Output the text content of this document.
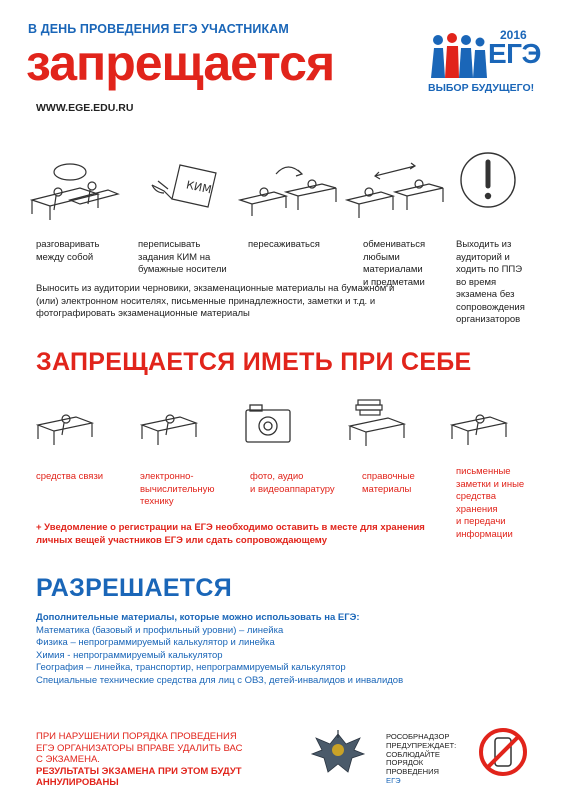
В ДЕНЬ ПРОВЕДЕНИЯ ЕГЭ УЧАСТНИКАМ
запрещается
WWW.EGE.EDU.RU
2016
ЕГЭ
ВЫБОР БУДУЩЕГО!
КИМ
разговаривать
между собой
переписывать
задания КИМ на
бумажные носители
пересаживаться	обмениваться
любыми
материалами
и предметами
Выходить из
аудиторий и
ходить по ППЭ
во время
экзамена без
сопровождения
организаторов
Выносить из аудитории черновики, экзаменационные материалы на бумажном и (или) электронном носителях, письменные принадлежности, заметки и т.д. и фотографировать экзаменационные материалы
ЗАПРЕЩАЕТСЯ ИМЕТЬ ПРИ СЕБЕ
средства связи	электронно-
вычислительную
технику
фото, аудио
и видеоаппаратуру
справочные
материалы
письменные
заметки и иные
средства
хранения
и передачи
информации
+ Уведомление о регистрации на ЕГЭ необходимо оставить в месте для хранения личных вещей участников ЕГЭ или сдать сопровождающему
РАЗРЕШАЕТСЯ
Дополнительные материалы, которые можно использовать на ЕГЭ:
Математика (базовый и профильный уровни) – линейка
Физика – непрограммируемый калькулятор и линейка
Химия - непрограммируемый калькулятор
География – линейка, транспортир, непрограммируемый калькулятор
Специальные технические средства для лиц с ОВЗ, детей-инвалидов и инвалидов
ПРИ НАРУШЕНИИ ПОРЯДКА ПРОВЕДЕНИЯ
ЕГЭ ОРГАНИЗАТОРЫ ВПРАВЕ УДАЛИТЬ ВАС
С ЭКЗАМЕНА.
РЕЗУЛЬТАТЫ ЭКЗАМЕНА ПРИ ЭТОМ БУДУТ
АННУЛИРОВАНЫ
РОСОБРНАДЗОР
ПРЕДУПРЕЖДАЕТ:
СОБЛЮДАЙТЕ
ПОРЯДОК
ПРОВЕДЕНИЯ
ЕГЭ
